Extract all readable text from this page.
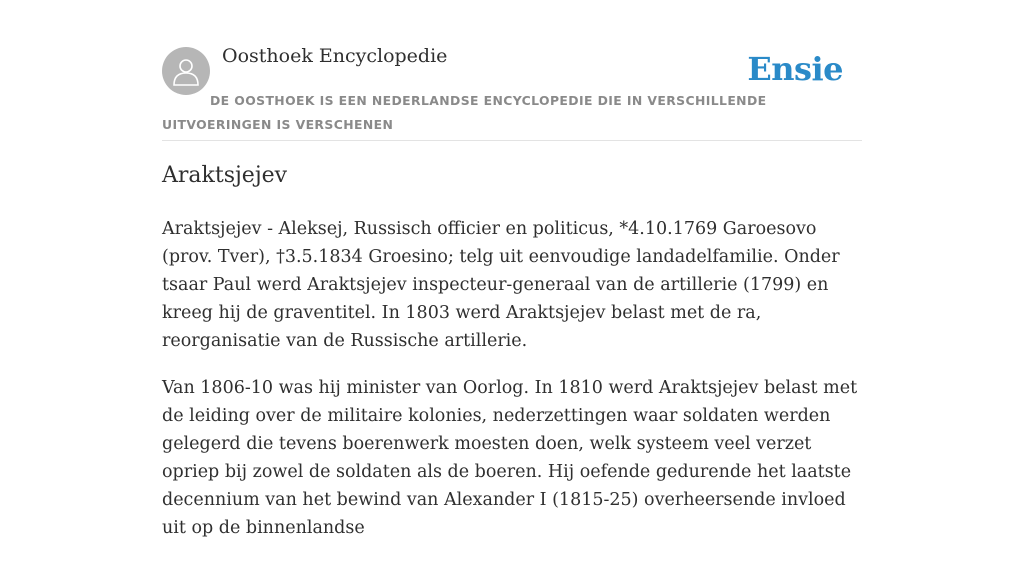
Oosthoek Encyclopedie	Ensie
DE OOSTHOEK IS EEN NEDERLANDSE ENCYCLOPEDIE DIE IN VERSCHILLENDE UITVOERINGEN IS VERSCHENEN
Araktsjejev

Araktsjejev - Aleksej, Russisch officier en politicus, *4.10.1769 Garoesovo (prov. Tver), †3.5.1834 Groesino; telg uit eenvoudige landadelfamilie. Onder tsaar Paul werd Araktsjejev inspecteur-generaal van de artillerie (1799) en kreeg hij de graventitel. In 1803 werd Araktsjejev belast met de ra, reorganisatie van de Russische artillerie.

Van 1806-10 was hij minister van Oorlog. In 1810 werd Araktsjejev belast met de leiding over de militaire kolonies, nederzettingen waar soldaten werden gelegerd die tevens boerenwerk moesten doen, welk systeem veel verzet opriep bij zowel de soldaten als de boeren. Hij oefende gedurende het laatste decennium van het bewind van Alexander I (1815-25) overheersende invloed uit op de binnenlandse
